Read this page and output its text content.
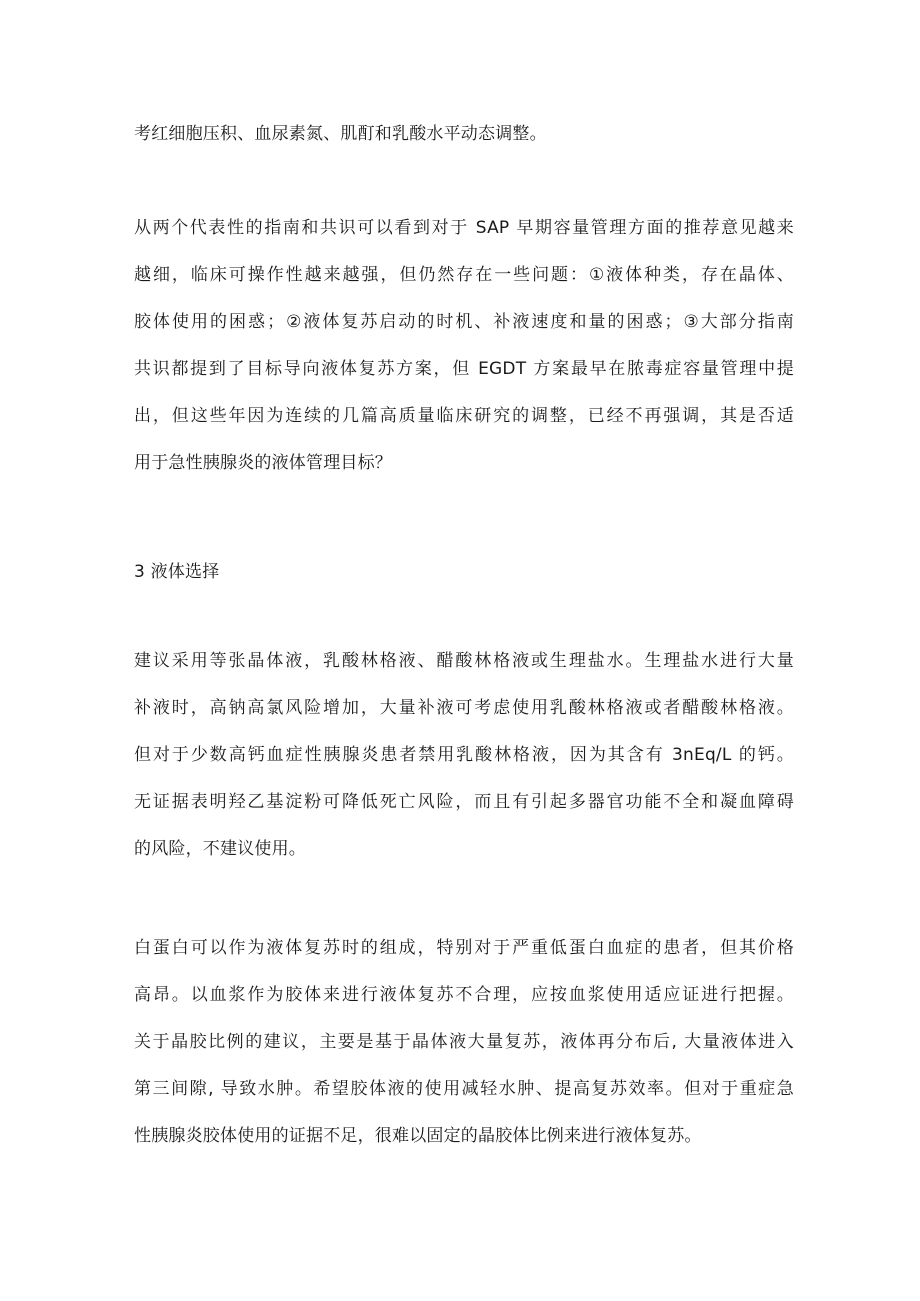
考红细胞压积、血尿素氮、肌酊和乳酸水平动态调整。

从两个代表性的指南和共识可以看到对于 SAP 早期容量管理方面的推荐意见越来
越细，临床可操作性越来越强，但仍然存在一些问题：①液体种类，存在晶体、
胶体使用的困惑；②液体复苏启动的时机、补液速度和量的困惑；③大部分指南
共识都提到了目标导向液体复苏方案，但 EGDT 方案最早在脓毒症容量管理中提
出，但这些年因为连续的几篇高质量临床研究的调整，已经不再强调，其是否适
用于急性胰腺炎的液体管理目标？

3 液体选择

建议采用等张晶体液，乳酸林格液、醋酸林格液或生理盐水。生理盐水进行大量
补液时，高钠高氯风险增加，大量补液可考虑使用乳酸林格液或者醋酸林格液。
但对于少数高钙血症性胰腺炎患者禁用乳酸林格液，因为其含有 3nEq/L 的钙。
无证据表明羟乙基淀粉可降低死亡风险，而且有引起多器官功能不全和凝血障碍
的风险，不建议使用。

白蛋白可以作为液体复苏时的组成，特别对于严重低蛋白血症的患者，但其价格
高昂。以血浆作为胶体来进行液体复苏不合理，应按血浆使用适应证进行把握。
关于晶胶比例的建议，主要是基于晶体液大量复苏，液体再分布后, 大量液体进入
第三间隙, 导致水肿。希望胶体液的使用减轻水肿、提高复苏效率。但对于重症急
性胰腺炎胶体使用的证据不足，很难以固定的晶胶体比例来进行液体复苏。
